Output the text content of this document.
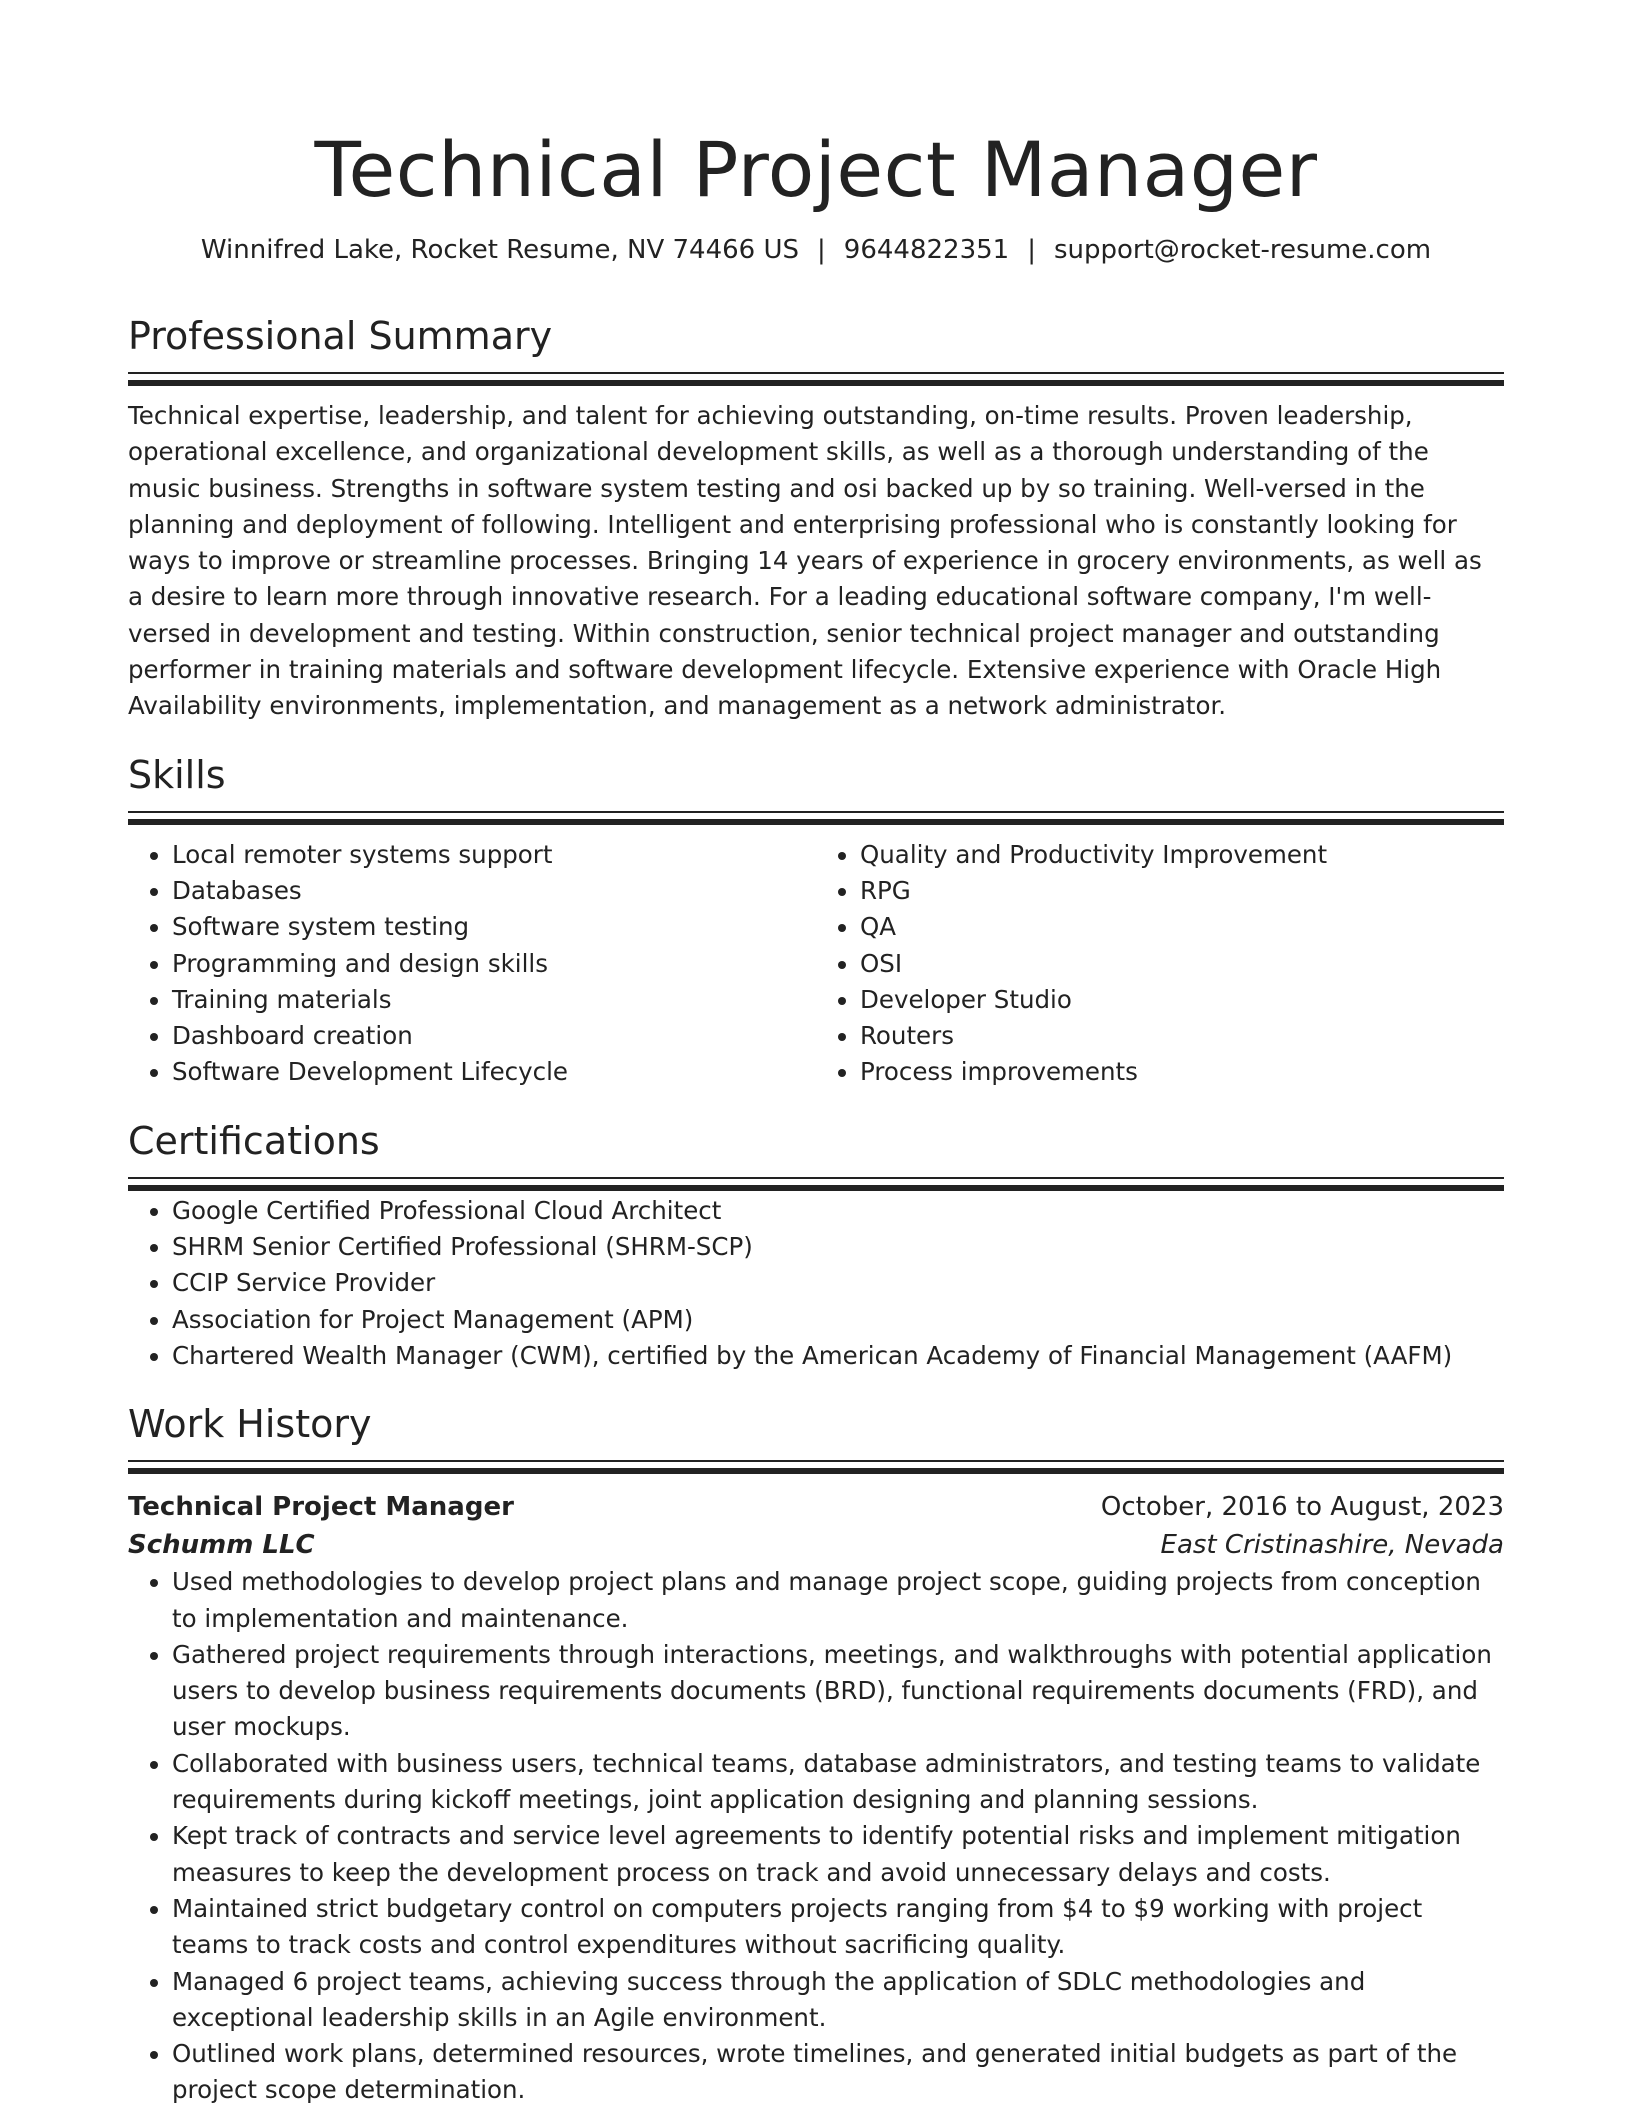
Technical Project Manager
Winnifred Lake, Rocket Resume, NV 74466 US | 9644822351 | support@rocket-resume.com
Professional Summary

Technical expertise, leadership, and talent for achieving outstanding, on-time results. Proven leadership, operational excellence, and organizational development skills, as well as a thorough understanding of the music business. Strengths in software system testing and osi backed up by so training. Well-versed in the planning and deployment of following. Intelligent and enterprising professional who is constantly looking for ways to improve or streamline processes. Bringing 14 years of experience in grocery environments, as well as a desire to learn more through innovative research. For a leading educational software company, I'm well-versed in development and testing. Within construction, senior technical project manager and outstanding performer in training materials and software development lifecycle. Extensive experience with Oracle High Availability environments, implementation, and management as a network administrator.

Skills
• Local remoter systems support
• Databases
• Software system testing
• Programming and design skills
• Training materials
• Dashboard creation
• Software Development Lifecycle
• Quality and Productivity Improvement
• RPG
• QA
• OSI
• Developer Studio
• Routers
• Process improvements
Certifications
• Google Certified Professional Cloud Architect
• SHRM Senior Certified Professional (SHRM-SCP)
• CCIP Service Provider
• Association for Project Management (APM)
• Chartered Wealth Manager (CWM), certified by the American Academy of Financial Management (AAFM)
Work History
Technical Project Manager	October, 2016 to August, 2023
Schumm LLC	East Cristinashire, Nevada
• Used methodologies to develop project plans and manage project scope, guiding projects from conception to implementation and maintenance.
• Gathered project requirements through interactions, meetings, and walkthroughs with potential application users to develop business requirements documents (BRD), functional requirements documents (FRD), and user mockups.
• Collaborated with business users, technical teams, database administrators, and testing teams to validate requirements during kickoff meetings, joint application designing and planning sessions.
• Kept track of contracts and service level agreements to identify potential risks and implement mitigation measures to keep the development process on track and avoid unnecessary delays and costs.
• Maintained strict budgetary control on computers projects ranging from $4 to $9 working with project teams to track costs and control expenditures without sacrificing quality.
• Managed 6 project teams, achieving success through the application of SDLC methodologies and exceptional leadership skills in an Agile environment.
• Outlined work plans, determined resources, wrote timelines, and generated initial budgets as part of the project scope determination.
